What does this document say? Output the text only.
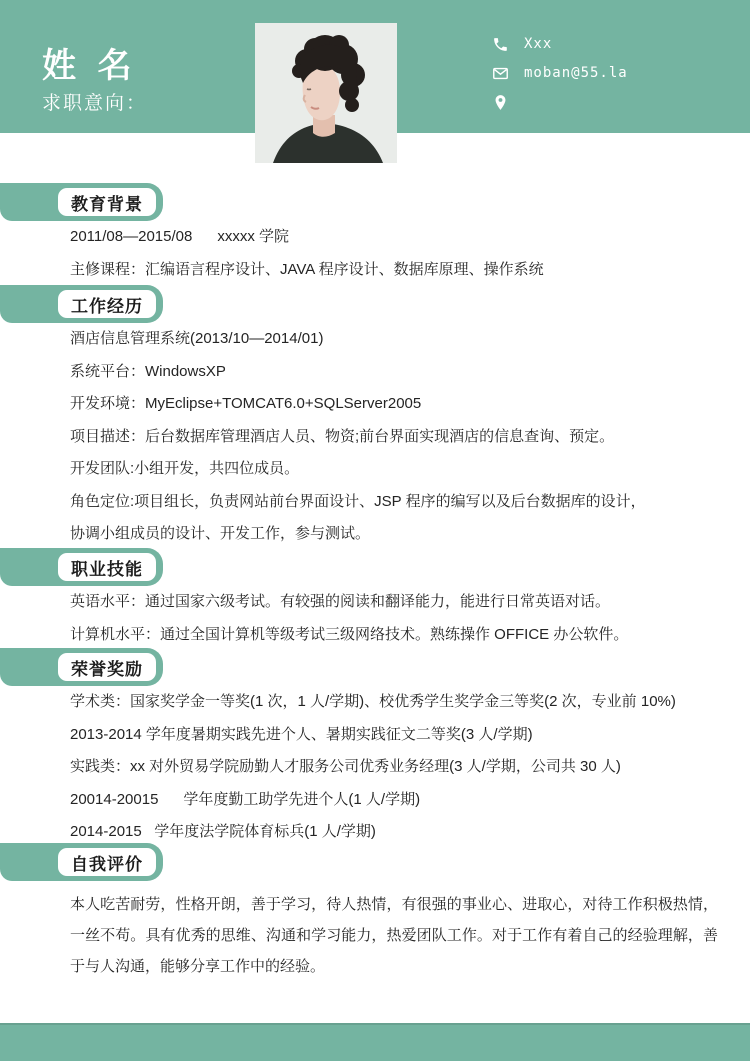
姓 名
求职意向：
Xxx
moban@55.la
教育背景
2011/08—2015/08      xxxxx 学院
主修课程：汇编语言程序设计、JAVA 程序设计、数据库原理、操作系统
工作经历
酒店信息管理系统(2013/10—2014/01)
系统平台：WindowsXP
开发环境：MyEclipse+TOMCAT6.0+SQLServer2005
项目描述：后台数据库管理酒店人员、物资;前台界面实现酒店的信息查询、预定。
开发团队:小组开发，共四位成员。
角色定位:项目组长，负责网站前台界面设计、JSP 程序的编写以及后台数据库的设计，
协调小组成员的设计、开发工作，参与测试。
职业技能
英语水平：通过国家六级考试。有较强的阅读和翻译能力，能进行日常英语对话。
计算机水平：通过全国计算机等级考试三级网络技术。熟练操作 OFFICE 办公软件。
荣誉奖励
学术类：国家奖学金一等奖(1 次，1 人/学期)、校优秀学生奖学金三等奖(2 次，专业前 10%)
2013-2014 学年度暑期实践先进个人、暑期实践征文二等奖(3 人/学期)
实践类：xx 对外贸易学院励勤人才服务公司优秀业务经理(3 人/学期，公司共 30 人)
20014-20015      学年度勤工助学先进个人(1 人/学期)
2014-2015   学年度法学院体育标兵(1 人/学期)
自我评价
本人吃苦耐劳，性格开朗，善于学习，待人热情，有很强的事业心、进取心，对待工作积极热情，一丝不苟。具有优秀的思维、沟通和学习能力，热爱团队工作。对于工作有着自己的经验理解，善于与人沟通，能够分享工作中的经验。
